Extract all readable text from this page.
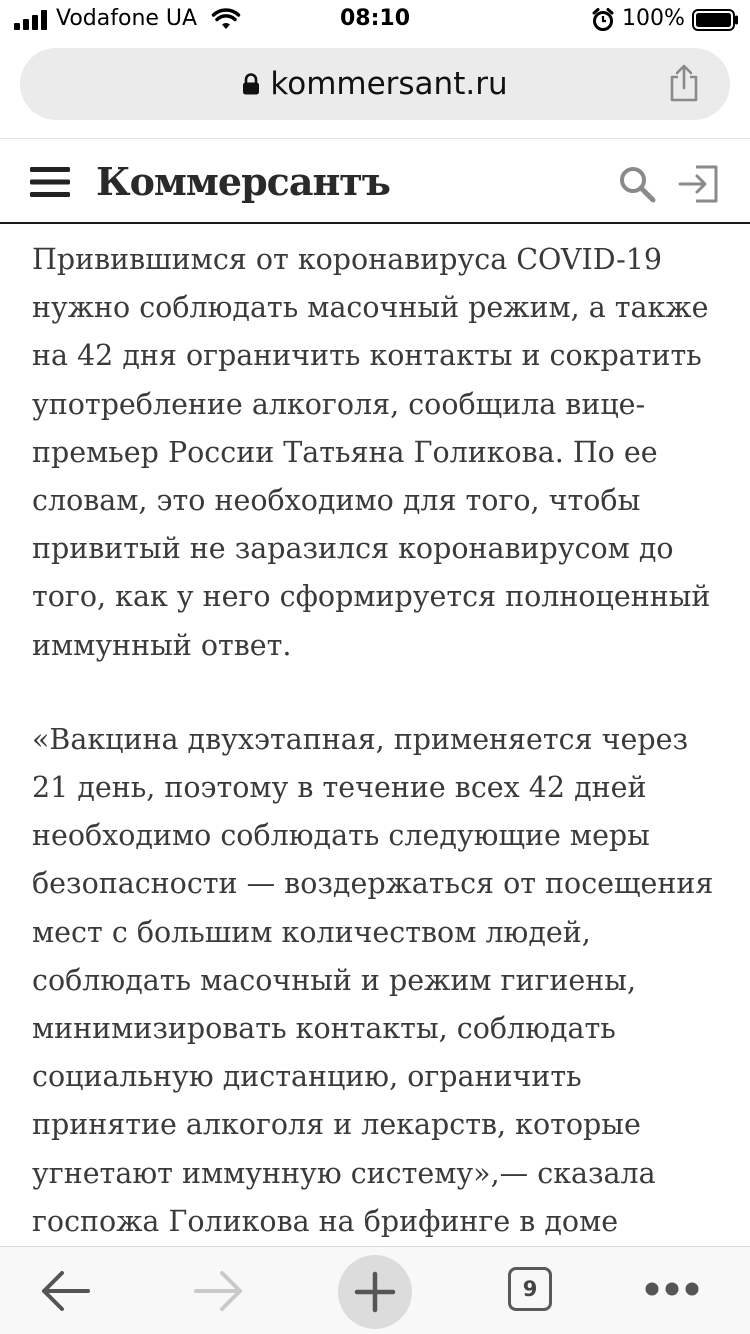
Vodafone UA	08:10	100%
kommersant.ru
Коммерсантъ

Привившимся от коронавируса COVID-19 нужно соблюдать масочный режим, а также на 42 дня ограничить контакты и сократить употребление алкоголя, сообщила вице-премьер России Татьяна Голикова. По ее словам, это необходимо для того, чтобы привитый не заразился коронавирусом до того, как у него сформируется полноценный иммунный ответ.

«Вакцина двухэтапная, применяется через 21 день, поэтому в течение всех 42 дней необходимо соблюдать следующие меры безопасности — воздержаться от посещения мест с большим количеством людей, соблюдать масочный и режим гигиены, минимизировать контакты, соблюдать социальную дистанцию, ограничить принятие алкоголя и лекарств, которые угнетают иммунную систему»,— сказала госпожа Голикова на брифинге в доме

9
